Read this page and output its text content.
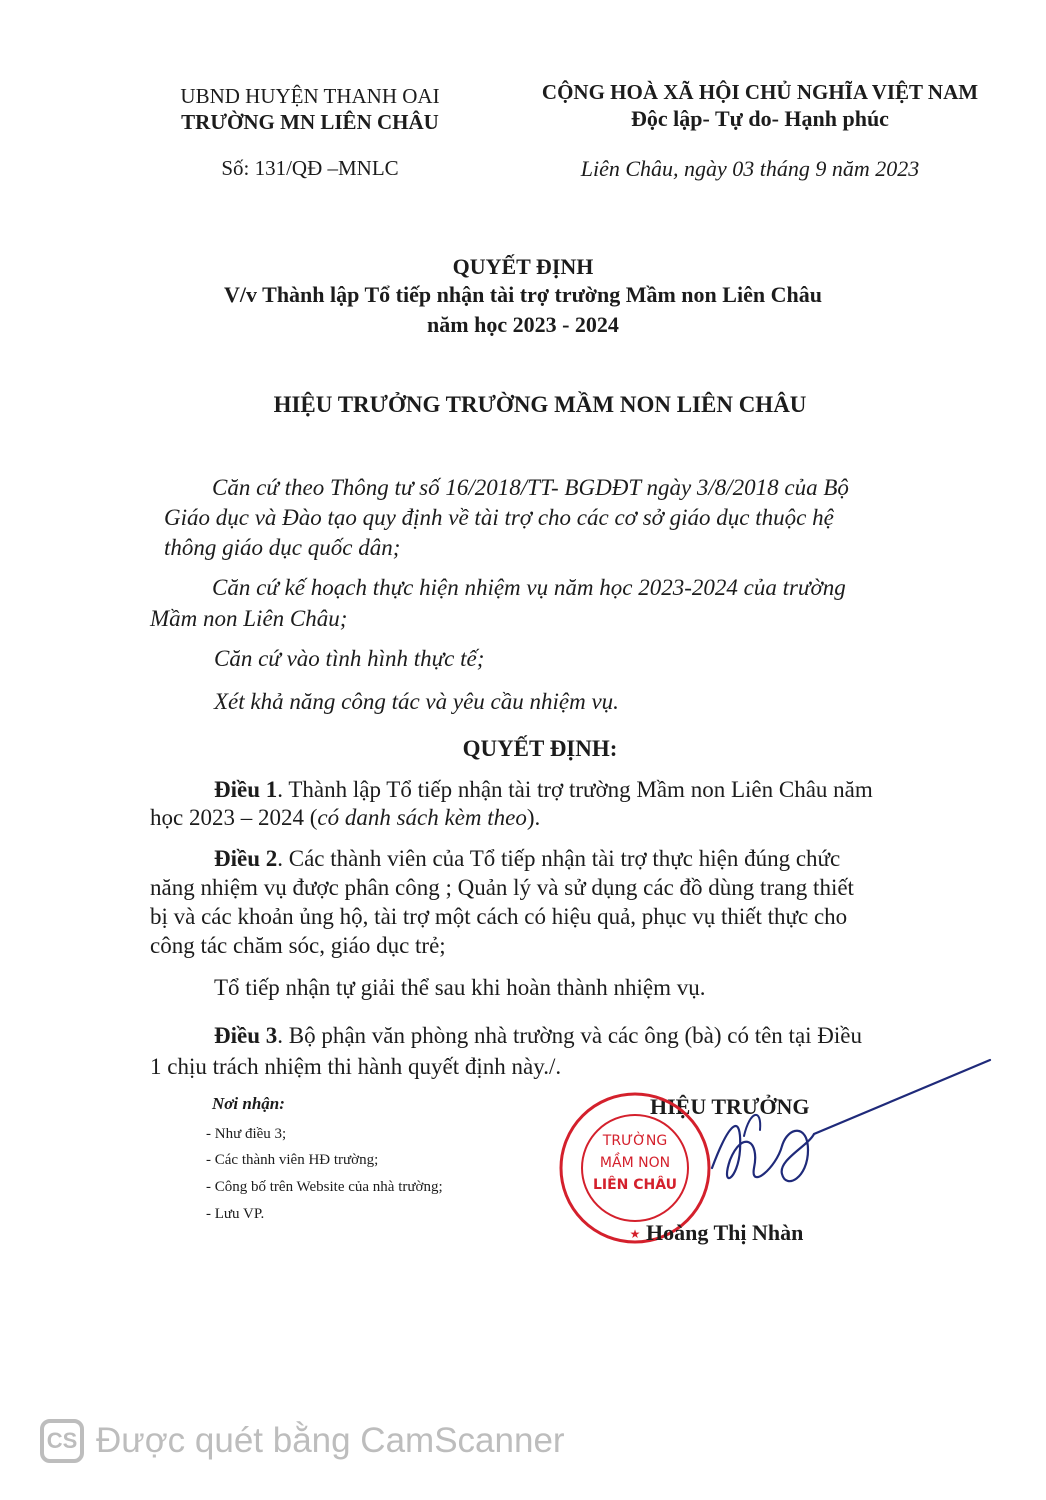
UBND HUYỆN THANH OAI
TRƯỜNG MN LIÊN CHÂU
Số: 131/QĐ –MNLC
CỘNG HOÀ XÃ HỘI CHỦ NGHĨA VIỆT NAM
Độc lập- Tự do- Hạnh phúc
Liên Châu, ngày 03 tháng 9 năm 2023
QUYẾT ĐỊNH
V/v Thành lập Tổ tiếp nhận tài trợ trường Mầm non Liên Châu
năm học 2023 - 2024
HIỆU TRƯỞNG TRƯỜNG MẦM NON LIÊN CHÂU
Căn cứ theo Thông tư số 16/2018/TT- BGDĐT ngày 3/8/2018 của Bộ
Giáo dục và Đào tạo quy định về tài trợ cho các cơ sở giáo dục thuộc hệ
thông giáo dục quốc dân;
Căn cứ kế hoạch thực hiện nhiệm vụ năm học 2023-2024 của trường
Mầm non Liên Châu;
Căn cứ vào tình hình thực tế;
Xét khả năng công tác và yêu cầu nhiệm vụ.
QUYẾT ĐỊNH:
Điều 1. Thành lập Tổ tiếp nhận tài trợ trường Mầm non Liên Châu năm
học 2023 – 2024 (có danh sách kèm theo).
Điều 2. Các thành viên của Tổ tiếp nhận tài trợ thực hiện đúng chức
năng nhiệm vụ được phân công ; Quản lý và sử dụng các đồ dùng trang thiết
bị và các khoản ủng hộ, tài trợ một cách có hiệu quả, phục vụ thiết thực cho
công tác chăm sóc, giáo dục trẻ;
Tổ tiếp nhận tự giải thể sau khi hoàn thành nhiệm vụ.
Điều 3. Bộ phận văn phòng nhà trường và các ông (bà) có tên tại Điều
1 chịu trách nhiệm thi hành quyết định này./.
Nơi nhận:
- Như điều 3;
- Các thành viên HĐ trường;
- Công bố trên Website của nhà trường;
- Lưu VP.
HIỆU TRƯỞNG
★
TRƯỜNG
MẦM NON
LIÊN CHÂU
Hoàng Thị Nhàn
CS Được quét bằng CamScanner
